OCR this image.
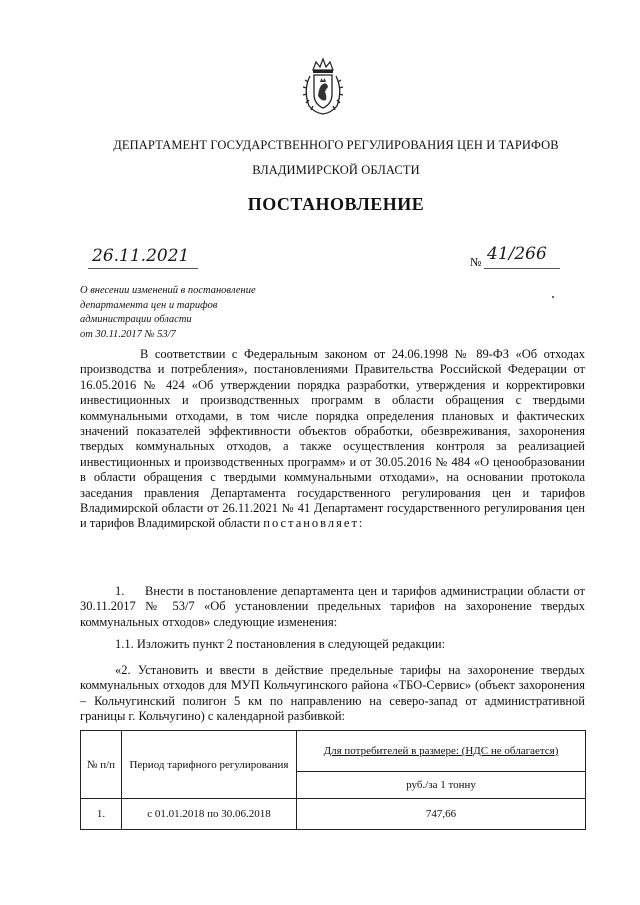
ДЕПАРТАМЕНТ ГОСУДАРСТВЕННОГО РЕГУЛИРОВАНИЯ ЦЕН И ТАРИФОВ
ВЛАДИМИРСКОЙ ОБЛАСТИ
ПОСТАНОВЛЕНИЕ
26.11.2021	№ 41/266
О внесении изменений в постановление
департамента цен и тарифов
администрации области
от 30.11.2017 № 53/7
В соответствии с Федеральным законом от 24.06.1998 № 89-ФЗ «Об отходах производства и потребления», постановлениями Правительства Российской Федерации от 16.05.2016 № 424 «Об утверждении порядка разработки, утверждения и корректировки инвестиционных и производственных программ в области обращения с твердыми коммунальными отходами, в том числе порядка определения плановых и фактических значений показателей эффективности объектов обработки, обезвреживания, захоронения твердых коммунальных отходов, а также осуществления контроля за реализацией инвестиционных и производственных программ» и от 30.05.2016 № 484 «О ценообразовании в области обращения с твердыми коммунальными отходами», на основании протокола заседания правления Департамента государственного регулирования цен и тарифов Владимирской области от 26.11.2021 № 41 Департамент государственного регулирования цен и тарифов Владимирской области постановляет:
1.     Внести в постановление департамента цен и тарифов администрации области от 30.11.2017 № 53/7 «Об установлении предельных тарифов на захоронение твердых коммунальных отходов» следующие изменения:
1.1. Изложить пункт 2 постановления в следующей редакции:
«2. Установить и ввести в действие предельные тарифы на захоронение твердых коммунальных отходов для МУП Кольчугинского района «ТБО-Сервис» (объект захоронения – Кольчугинский полигон 5 км по направлению на северо-запад от административной границы г. Кольчугино) с календарной разбивкой:
№ п/п	Период тарифного регулирования	Для потребителей в размере: (НДС не облагается)
		руб./за 1 тонну
1.	с 01.01.2018 по 30.06.2018	747,66
